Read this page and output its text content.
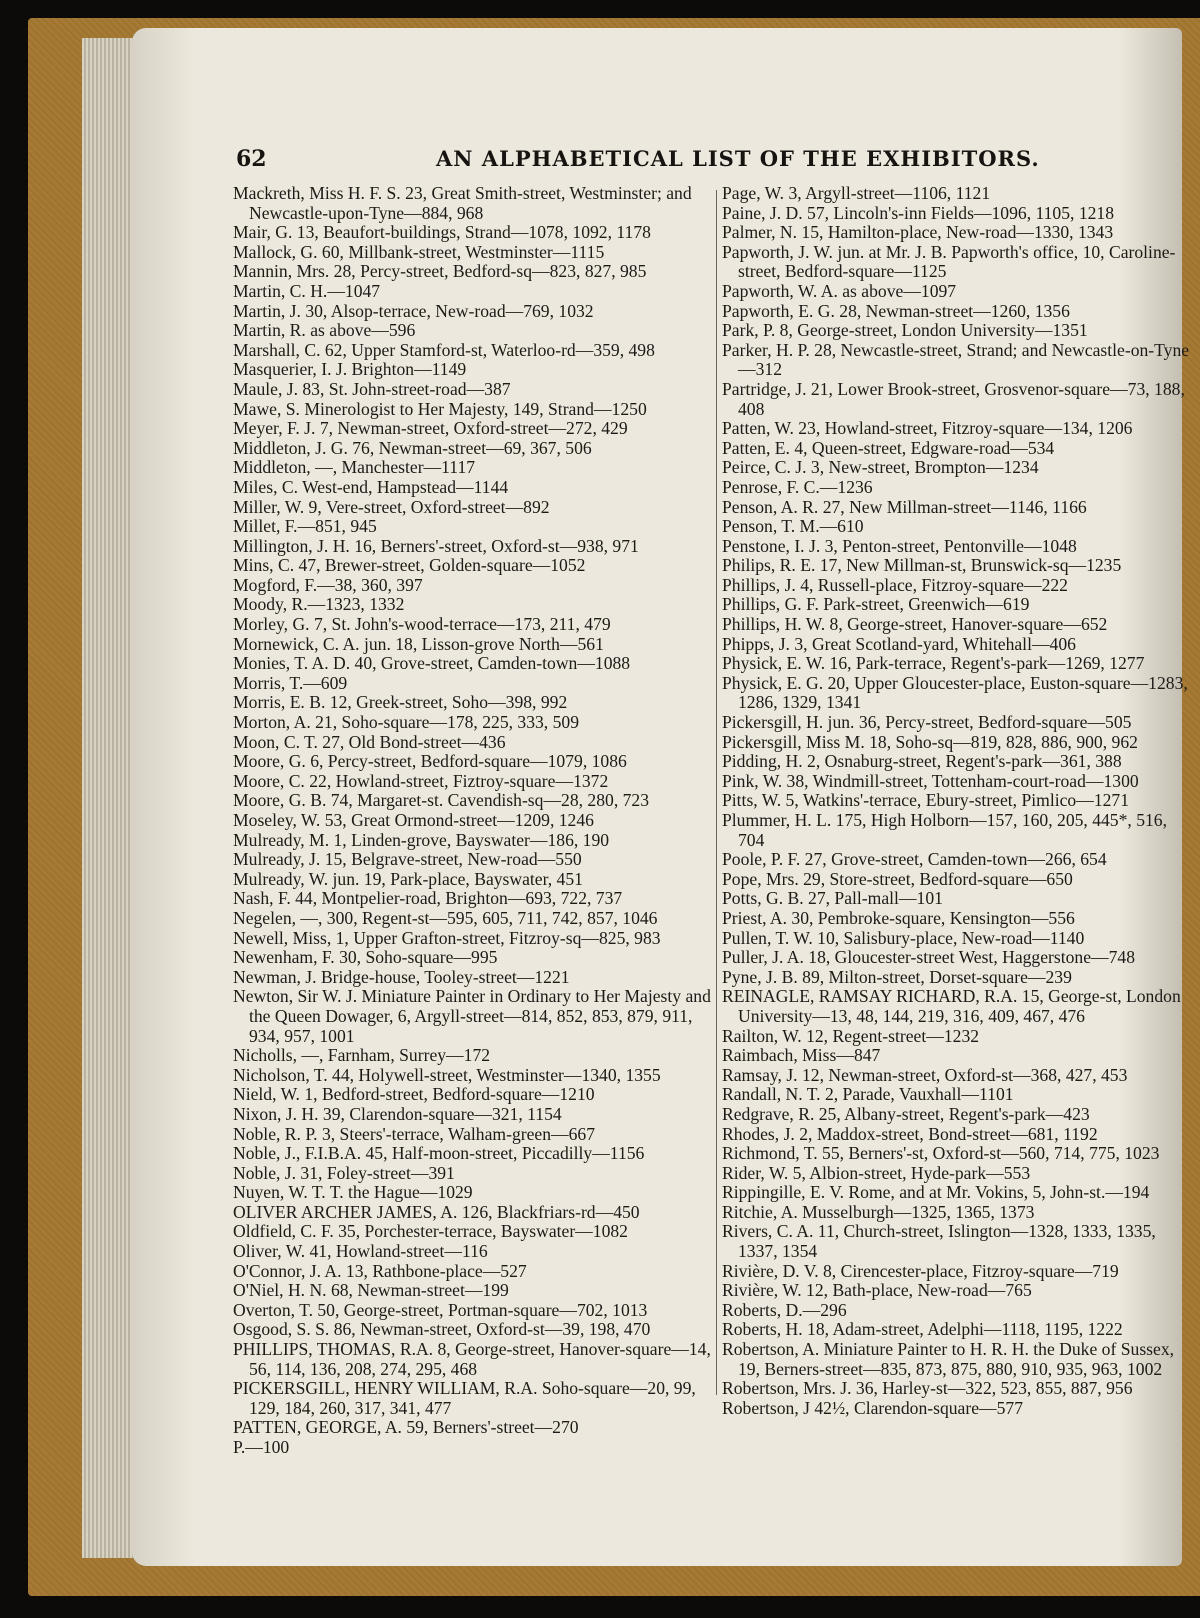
62	AN ALPHABETICAL LIST OF THE EXHIBITORS.
Mackreth, Miss H. F. S. 23, Great Smith-street, Westminster; and Newcastle-upon-Tyne—884, 968
Mair, G. 13, Beaufort-buildings, Strand—1078, 1092, 1178
Mallock, G. 60, Millbank-street, Westminster—1115
Mannin, Mrs. 28, Percy-street, Bedford-sq—823, 827, 985
Martin, C. H.—1047
Martin, J. 30, Alsop-terrace, New-road—769, 1032
Martin, R. as above—596
Marshall, C. 62, Upper Stamford-st, Waterloo-rd—359, 498
Masquerier, I. J. Brighton—1149
Maule, J. 83, St. John-street-road—387
Mawe, S. Minerologist to Her Majesty, 149, Strand—1250
Meyer, F. J. 7, Newman-street, Oxford-street—272, 429
Middleton, J. G. 76, Newman-street—69, 367, 506
Middleton, —, Manchester—1117
Miles, C. West-end, Hampstead—1144
Miller, W. 9, Vere-street, Oxford-street—892
Millet, F.—851, 945
Millington, J. H. 16, Berners'-street, Oxford-st—938, 971
Mins, C. 47, Brewer-street, Golden-square—1052
Mogford, F.—38, 360, 397
Moody, R.—1323, 1332
Morley, G. 7, St. John's-wood-terrace—173, 211, 479
Mornewick, C. A. jun. 18, Lisson-grove North—561
Monies, T. A. D. 40, Grove-street, Camden-town—1088
Morris, T.—609
Morris, E. B. 12, Greek-street, Soho—398, 992
Morton, A. 21, Soho-square—178, 225, 333, 509
Moon, C. T. 27, Old Bond-street—436
Moore, G. 6, Percy-street, Bedford-square—1079, 1086
Moore, C. 22, Howland-street, Fiztroy-square—1372
Moore, G. B. 74, Margaret-st. Cavendish-sq—28, 280, 723
Moseley, W. 53, Great Ormond-street—1209, 1246
Mulready, M. 1, Linden-grove, Bayswater—186, 190
Mulready, J. 15, Belgrave-street, New-road—550
Mulready, W. jun. 19, Park-place, Bayswater, 451
Nash, F. 44, Montpelier-road, Brighton—693, 722, 737
Negelen, —, 300, Regent-st—595, 605, 711, 742, 857, 1046
Newell, Miss, 1, Upper Grafton-street, Fitzroy-sq—825, 983
Newenham, F. 30, Soho-square—995
Newman, J. Bridge-house, Tooley-street—1221
Newton, Sir W. J. Miniature Painter in Ordinary to Her Majesty and the Queen Dowager, 6, Argyll-street—814, 852, 853, 879, 911, 934, 957, 1001
Nicholls, —, Farnham, Surrey—172
Nicholson, T. 44, Holywell-street, Westminster—1340, 1355
Nield, W. 1, Bedford-street, Bedford-square—1210
Nixon, J. H. 39, Clarendon-square—321, 1154
Noble, R. P. 3, Steers'-terrace, Walham-green—667
Noble, J., F.I.B.A. 45, Half-moon-street, Piccadilly—1156
Noble, J. 31, Foley-street—391
Nuyen, W. T. T. the Hague—1029
OLIVER ARCHER JAMES, A. 126, Blackfriars-rd—450
Oldfield, C. F. 35, Porchester-terrace, Bayswater—1082
Oliver, W. 41, Howland-street—116
O'Connor, J. A. 13, Rathbone-place—527
O'Niel, H. N. 68, Newman-street—199
Overton, T. 50, George-street, Portman-square—702, 1013
Osgood, S. S. 86, Newman-street, Oxford-st—39, 198, 470
PHILLIPS, THOMAS, R.A. 8, George-street, Hanover-square—14, 56, 114, 136, 208, 274, 295, 468
PICKERSGILL, HENRY WILLIAM, R.A. Soho-square—20, 99, 129, 184, 260, 317, 341, 477
PATTEN, GEORGE, A. 59, Berners'-street—270
P.—100
Page, W. 3, Argyll-street—1106, 1121
Paine, J. D. 57, Lincoln's-inn Fields—1096, 1105, 1218
Palmer, N. 15, Hamilton-place, New-road—1330, 1343
Papworth, J. W. jun. at Mr. J. B. Papworth's office, 10, Caroline-street, Bedford-square—1125
Papworth, W. A. as above—1097
Papworth, E. G. 28, Newman-street—1260, 1356
Park, P. 8, George-street, London University—1351
Parker, H. P. 28, Newcastle-street, Strand; and Newcastle-on-Tyne—312
Partridge, J. 21, Lower Brook-street, Grosvenor-square—73, 188, 408
Patten, W. 23, Howland-street, Fitzroy-square—134, 1206
Patten, E. 4, Queen-street, Edgware-road—534
Peirce, C. J. 3, New-street, Brompton—1234
Penrose, F. C.—1236
Penson, A. R. 27, New Millman-street—1146, 1166
Penson, T. M.—610
Penstone, I. J. 3, Penton-street, Pentonville—1048
Philips, R. E. 17, New Millman-st, Brunswick-sq—1235
Phillips, J. 4, Russell-place, Fitzroy-square—222
Phillips, G. F. Park-street, Greenwich—619
Phillips, H. W. 8, George-street, Hanover-square—652
Phipps, J. 3, Great Scotland-yard, Whitehall—406
Physick, E. W. 16, Park-terrace, Regent's-park—1269, 1277
Physick, E. G. 20, Upper Gloucester-place, Euston-square—1283, 1286, 1329, 1341
Pickersgill, H. jun. 36, Percy-street, Bedford-square—505
Pickersgill, Miss M. 18, Soho-sq—819, 828, 886, 900, 962
Pidding, H. 2, Osnaburg-street, Regent's-park—361, 388
Pink, W. 38, Windmill-street, Tottenham-court-road—1300
Pitts, W. 5, Watkins'-terrace, Ebury-street, Pimlico—1271
Plummer, H. L. 175, High Holborn—157, 160, 205, 445*, 516, 704
Poole, P. F. 27, Grove-street, Camden-town—266, 654
Pope, Mrs. 29, Store-street, Bedford-square—650
Potts, G. B. 27, Pall-mall—101
Priest, A. 30, Pembroke-square, Kensington—556
Pullen, T. W. 10, Salisbury-place, New-road—1140
Puller, J. A. 18, Gloucester-street West, Haggerstone—748
Pyne, J. B. 89, Milton-street, Dorset-square—239
REINAGLE, RAMSAY RICHARD, R.A. 15, George-st, London University—13, 48, 144, 219, 316, 409, 467, 476
Railton, W. 12, Regent-street—1232
Raimbach, Miss—847
Ramsay, J. 12, Newman-street, Oxford-st—368, 427, 453
Randall, N. T. 2, Parade, Vauxhall—1101
Redgrave, R. 25, Albany-street, Regent's-park—423
Rhodes, J. 2, Maddox-street, Bond-street—681, 1192
Richmond, T. 55, Berners'-st, Oxford-st—560, 714, 775, 1023
Rider, W. 5, Albion-street, Hyde-park—553
Rippingille, E. V. Rome, and at Mr. Vokins, 5, John-st.—194
Ritchie, A. Musselburgh—1325, 1365, 1373
Rivers, C. A. 11, Church-street, Islington—1328, 1333, 1335, 1337, 1354
Rivière, D. V. 8, Cirencester-place, Fitzroy-square—719
Rivière, W. 12, Bath-place, New-road—765
Roberts, D.—296
Roberts, H. 18, Adam-street, Adelphi—1118, 1195, 1222
Robertson, A. Miniature Painter to H. R. H. the Duke of Sussex, 19, Berners-street—835, 873, 875, 880, 910, 935, 963, 1002
Robertson, Mrs. J. 36, Harley-st—322, 523, 855, 887, 956
Robertson, J 42½, Clarendon-square—577
